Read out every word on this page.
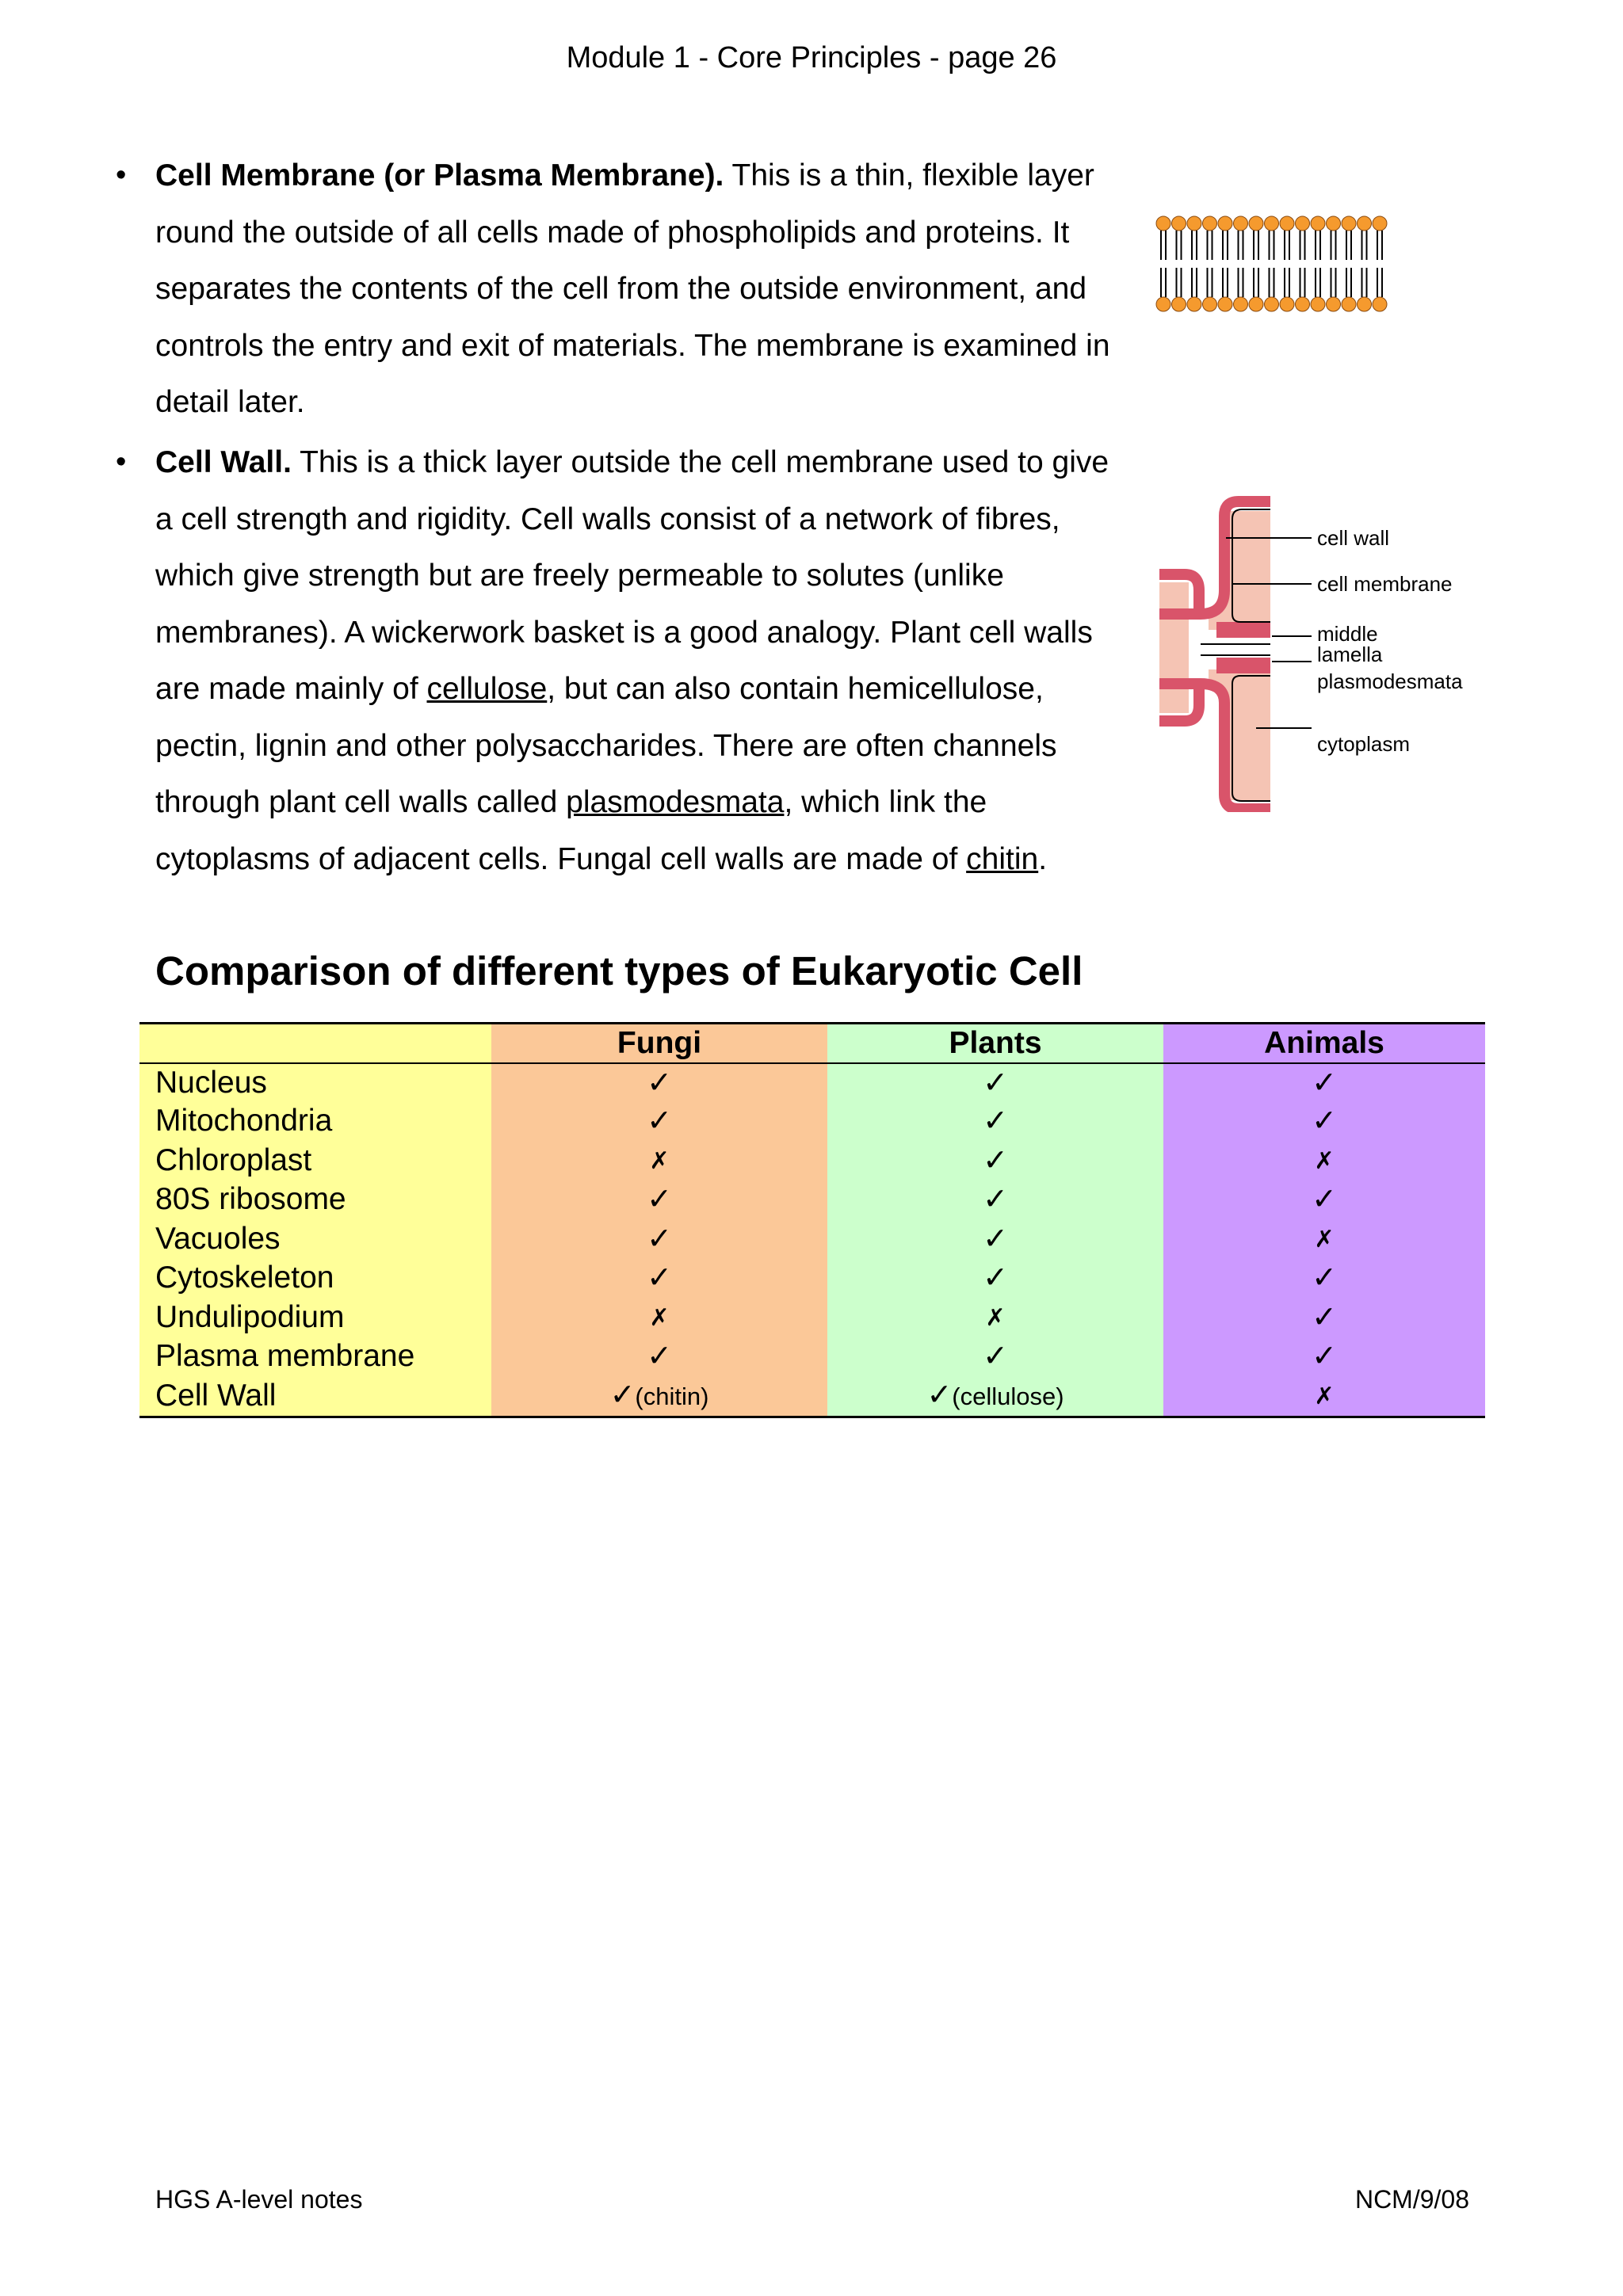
Module 1 - Core Principles - page 26
• Cell Membrane (or Plasma Membrane). This is a thin, flexible layer round the outside of all cells made of phospholipids and proteins. It separates the contents of the cell from the outside environment, and controls the entry and exit of materials. The membrane is examined in detail later.

• Cell Wall. This is a thick layer outside the cell membrane used to give a cell strength and rigidity. Cell walls consist of a network of fibres, which give strength but are freely permeable to solutes (unlike membranes). A wickerwork basket is a good analogy. Plant cell walls are made mainly of cellulose, but can also contain hemicellulose, pectin, lignin and other polysaccharides. There are often channels through plant cell walls called plasmodesmata, which link the cytoplasms of adjacent cells. Fungal cell walls are made of chitin.

cell wall
cell membrane
middle
lamella
plasmodesmata
cytoplasm
Comparison of different types of Eukaryotic Cell
	Fungi	Plants	Animals
Nucleus	✓	✓	✓
Mitochondria	✓	✓	✓
Chloroplast	✗	✓	✗
80S ribosome	✓	✓	✓
Vacuoles	✓	✓	✗
Cytoskeleton	✓	✓	✓
Undulipodium	✗	✗	✓
Plasma membrane	✓	✓	✓
Cell Wall	✓(chitin)	✓(cellulose)	✗
HGS A-level notes	NCM/9/08
